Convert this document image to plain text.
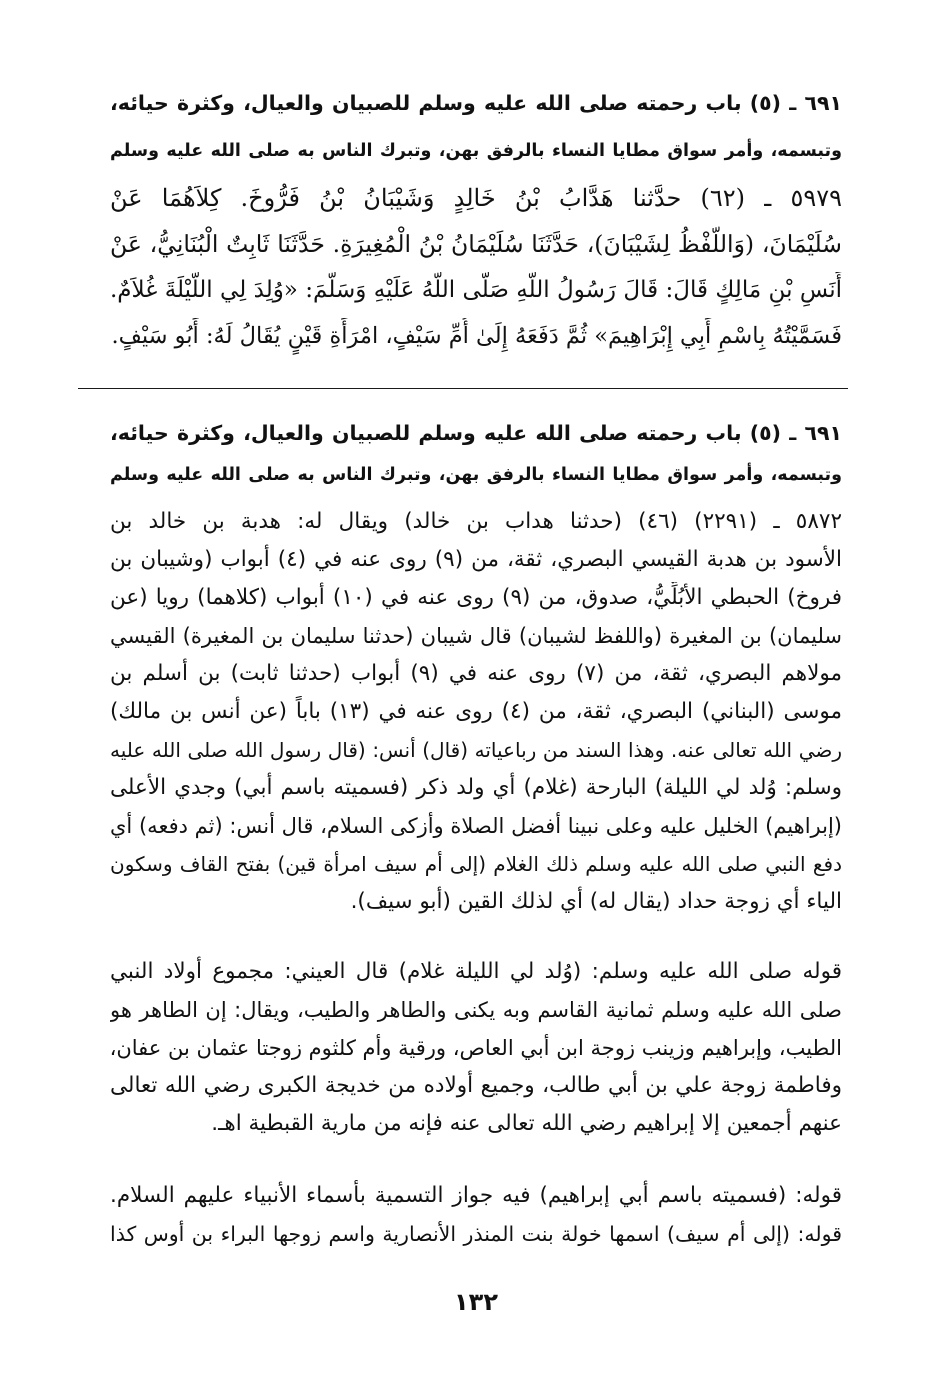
٦٩١ ـ (٥) باب رحمته صلى الله عليه وسلم للصبيان والعيال، وكثرة حيائه،
وتبسمه، وأمر سواق مطايا النساء بالرفق بهن، وتبرك الناس به صلى الله عليه وسلم
٥٩٧٩ ـ (٦٢) حدَّثنا هَدَّابُ بْنُ خَالِدٍ وَشَيْبَانُ بْنُ فَرُّوخَ. كِلاَهُمَا عَنْ
سُلَيْمَانَ، (وَاللَّفْظُ لِشَيْبَانَ)، حَدَّثَنَا سُلَيْمَانُ بْنُ الْمُغِيرَةِ. حَدَّثَنَا ثَابِتٌ الْبُنَانِيُّ، عَنْ
أَنَسِ بْنِ مَالِكٍ قَالَ: قَالَ رَسُولُ اللّهِ صَلَّى اللّهُ عَلَيْهِ وَسَلَّمَ: «وُلِدَ لِي اللَّيْلَةَ غُلاَمٌ.
فَسَمَّيْتُهُ بِاسْمِ أَبِي إِبْرَاهِيمَ» ثُمَّ دَفَعَهُ إِلَىٰ أُمِّ سَيْفٍ، امْرَأَةِ قَيْنٍ يُقَالُ لَهُ: أَبُو سَيْفٍ.
٦٩١ ـ (٥) باب رحمته صلى الله عليه وسلم للصبيان والعيال، وكثرة حيائه،
وتبسمه، وأمر سواق مطايا النساء بالرفق بهن، وتبرك الناس به صلى الله عليه وسلم
٥٨٧٢ ـ (٢٢٩١) (٤٦) (حدثنا هداب بن خالد) ويقال له: هدبة بن خالد بن
الأسود بن هدبة القيسي البصري، ثقة، من (٩) روى عنه في (٤) أبواب (وشيبان بن
فروخ) الحبطي الأبُلِّيُّ، صدوق، من (٩) روى عنه في (١٠) أبواب (كلاهما) رويا (عن
سليمان) بن المغيرة (واللفظ لشيبان) قال شيبان (حدثنا سليمان بن المغيرة) القيسي
مولاهم البصري، ثقة، من (٧) روى عنه في (٩) أبواب (حدثنا ثابت) بن أسلم بن
موسى (البناني) البصري، ثقة، من (٤) روى عنه في (١٣) باباً (عن أنس بن مالك)
رضي الله تعالى عنه. وهذا السند من رباعياته (قال) أنس: (قال رسول الله صلى الله عليه
وسلم: وُلد لي الليلة) البارحة (غلام) أي ولد ذكر (فسميته باسم أبي) وجدي الأعلى
(إبراهيم) الخليل عليه وعلى نبينا أفضل الصلاة وأزكى السلام، قال أنس: (ثم دفعه) أي
دفع النبي صلى الله عليه وسلم ذلك الغلام (إلى أم سيف امرأة قين) بفتح القاف وسكون
الياء أي زوجة حداد (يقال له) أي لذلك القين (أبو سيف).
قوله صلى الله عليه وسلم: (وُلد لي الليلة غلام) قال العيني: مجموع أولاد النبي
صلى الله عليه وسلم ثمانية القاسم وبه يكنى والطاهر والطيب، ويقال: إن الطاهر هو
الطيب، وإبراهيم وزينب زوجة ابن أبي العاص، ورقية وأم كلثوم زوجتا عثمان بن عفان،
وفاطمة زوجة علي بن أبي طالب، وجميع أولاده من خديجة الكبرى رضي الله تعالى
عنهم أجمعين إلا إبراهيم رضي الله تعالى عنه فإنه من مارية القبطية اهـ.
قوله: (فسميته باسم أبي إبراهيم) فيه جواز التسمية بأسماء الأنبياء عليهم السلام.
قوله: (إلى أم سيف) اسمها خولة بنت المنذر الأنصارية واسم زوجها البراء بن أوس كذا
١٣٢
